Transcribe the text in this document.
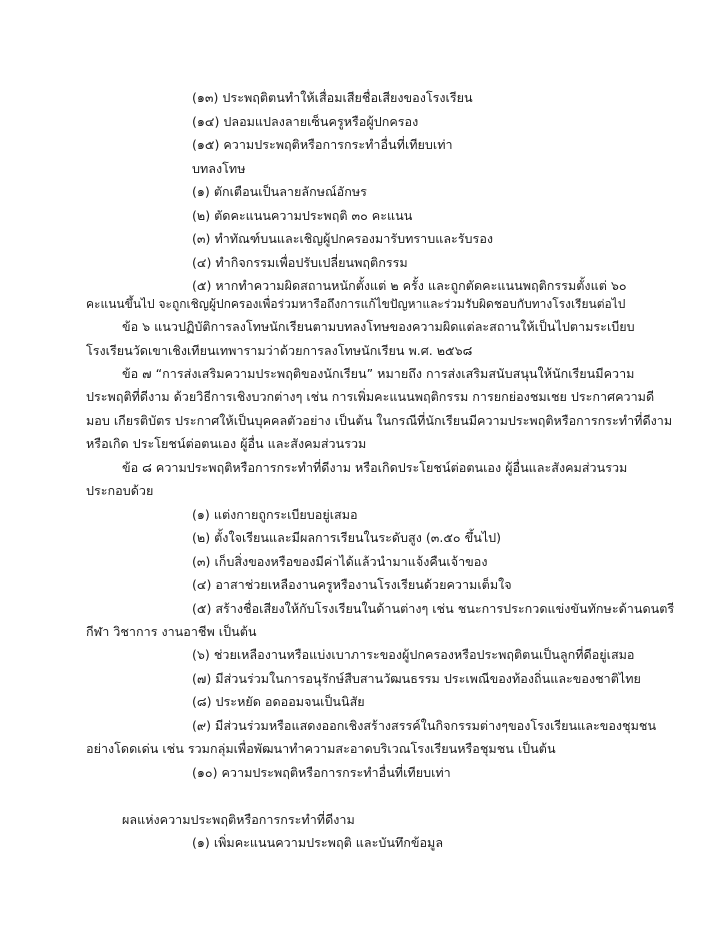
(๑๓) ประพฤติตนทำให้เสื่อมเสียชื่อเสียงของโรงเรียน

(๑๔) ปลอมแปลงลายเซ็นครูหรือผู้ปกครอง

(๑๕) ความประพฤติหรือการกระทำอื่นที่เทียบเท่า

บทลงโทษ

(๑) ตักเตือนเป็นลายลักษณ์อักษร

(๒) ตัดคะแนนความประพฤติ ๓๐ คะแนน

(๓) ทำทัณฑ์บนและเชิญผู้ปกครองมารับทราบและรับรอง

(๔) ทำกิจกรรมเพื่อปรับเปลี่ยนพฤติกรรม

(๕) หากทำความผิดสถานหนักตั้งแต่ ๒ ครั้ง และถูกตัดคะแนนพฤติกรรมตั้งแต่ ๖๐

คะแนนขึ้นไป จะถูกเชิญผู้ปกครองเพื่อร่วมหารือถึงการแก้ไขปัญหาและร่วมรับผิดชอบกับทางโรงเรียนต่อไป

ข้อ ๖ แนวปฏิบัติการลงโทษนักเรียนตามบทลงโทษของความผิดแต่ละสถานให้เป็นไปตามระเบียบ

โรงเรียนวัดเขาเชิงเทียนเทพารามว่าด้วยการลงโทษนักเรียน พ.ศ. ๒๕๖๘

ข้อ ๗ “การส่งเสริมความประพฤติของนักเรียน” หมายถึง การส่งเสริมสนับสนุนให้นักเรียนมีความ

ประพฤติที่ดีงาม ด้วยวิธีการเชิงบวกต่างๆ เช่น การเพิ่มคะแนนพฤติกรรม การยกย่องชมเชย ประกาศความดี

มอบ เกียรติบัตร ประกาศให้เป็นบุคคลตัวอย่าง เป็นต้น ในกรณีที่นักเรียนมีความประพฤติหรือการกระทำที่ดีงาม

หรือเกิด ประโยชน์ต่อตนเอง ผู้อื่น และสังคมส่วนรวม

ข้อ ๘ ความประพฤติหรือการกระทำที่ดีงาม หรือเกิดประโยชน์ต่อตนเอง ผู้อื่นและสังคมส่วนรวม

ประกอบด้วย

(๑) แต่งกายถูกระเบียบอยู่เสมอ

(๒) ตั้งใจเรียนและมีผลการเรียนในระดับสูง (๓.๕๐ ขึ้นไป)

(๓) เก็บสิ่งของหรือของมีค่าได้แล้วนำมาแจ้งคืนเจ้าของ

(๔) อาสาช่วยเหลืองานครูหรืองานโรงเรียนด้วยความเต็มใจ

(๕) สร้างชื่อเสียงให้กับโรงเรียนในด้านต่างๆ เช่น ชนะการประกวดแข่งขันทักษะด้านดนตรี

กีฬา วิชาการ งานอาชีพ เป็นต้น

(๖) ช่วยเหลืองานหรือแบ่งเบาภาระของผู้ปกครองหรือประพฤติตนเป็นลูกที่ดีอยู่เสมอ

(๗) มีส่วนร่วมในการอนุรักษ์สืบสานวัฒนธรรม ประเพณีของท้องถิ่นและของชาติไทย

(๘) ประหยัด อดออมจนเป็นนิสัย

(๙) มีส่วนร่วมหรือแสดงออกเชิงสร้างสรรค์ในกิจกรรมต่างๆของโรงเรียนและของชุมชน

อย่างโดดเด่น เช่น รวมกลุ่มเพื่อพัฒนาทำความสะอาดบริเวณโรงเรียนหรือชุมชน เป็นต้น

(๑๐) ความประพฤติหรือการกระทำอื่นที่เทียบเท่า

ผลแห่งความประพฤติหรือการกระทำที่ดีงาม

(๑) เพิ่มคะแนนความประพฤติ และบันทึกข้อมูล
